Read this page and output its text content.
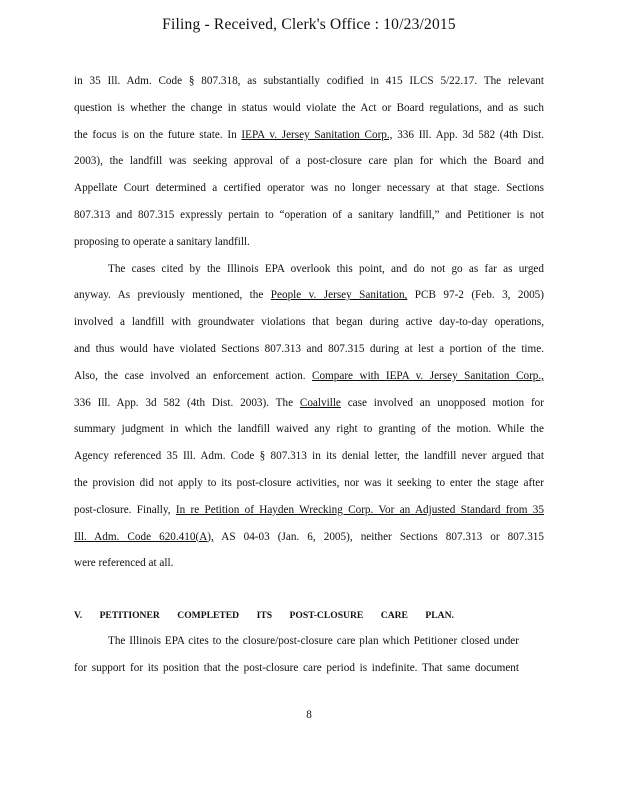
Filing - Received, Clerk's Office : 10/23/2015
in 35 Ill. Adm. Code § 807.318, as substantially codified in 415 ILCS 5/22.17. The relevant
question is whether the change in status would violate the Act or Board regulations, and as such
the focus is on the future state. In IEPA v. Jersey Sanitation Corp., 336 Ill. App. 3d 582 (4th Dist.
2003), the landfill was seeking approval of a post-closure care plan for which the Board and
Appellate Court determined a certified operator was no longer necessary at that stage. Sections
807.313 and 807.315 expressly pertain to “operation of a sanitary landfill,” and Petitioner is not
proposing to operate a sanitary landfill.
The cases cited by the Illinois EPA overlook this point, and do not go as far as urged
anyway. As previously mentioned, the People v. Jersey Sanitation, PCB 97-2 (Feb. 3, 2005)
involved a landfill with groundwater violations that began during active day-to-day operations,
and thus would have violated Sections 807.313 and 807.315 during at lest a portion of the time.
Also, the case involved an enforcement action. Compare with IEPA v. Jersey Sanitation Corp.,
336 Ill. App. 3d 582 (4th Dist. 2003). The Coalville case involved an unopposed motion for
summary judgment in which the landfill waived any right to granting of the motion. While the
Agency referenced 35 Ill. Adm. Code § 807.313 in its denial letter, the landfill never argued that
the provision did not apply to its post-closure activities, nor was it seeking to enter the stage after
post-closure. Finally, In re Petition of Hayden Wrecking Corp. Vor an Adjusted Standard from 35
Ill. Adm. Code 620.410(A), AS 04-03 (Jan. 6, 2005), neither Sections 807.313 or 807.315
were referenced at all.
V. PETITIONER COMPLETED ITS POST-CLOSURE CARE PLAN.
The Illinois EPA cites to the closure/post-closure care plan which Petitioner closed under
for support for its position that the post-closure care period is indefinite. That same document
8
